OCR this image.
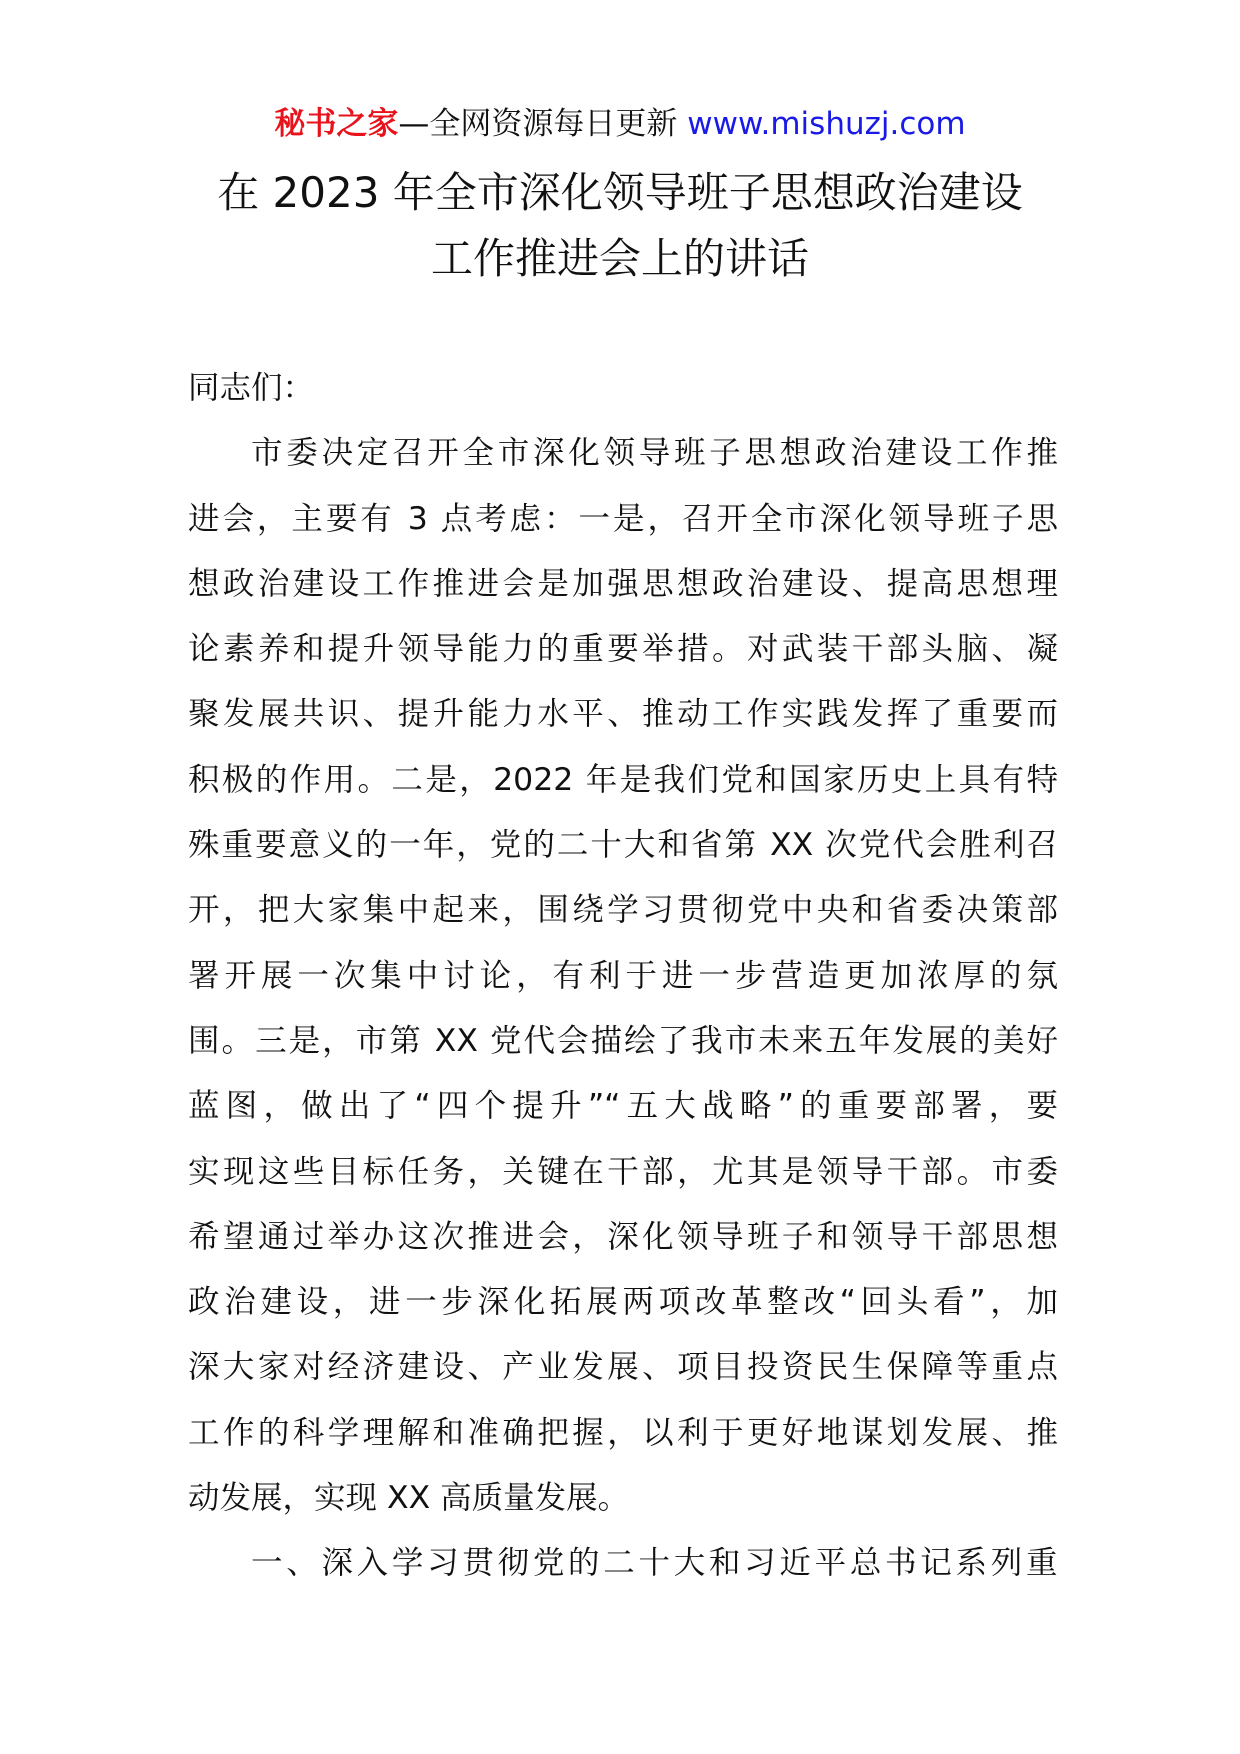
秘书之家—全网资源每日更新 www.mishuzj.com
在 2023 年全市深化领导班子思想政治建设
工作推进会上的讲话
同志们：
市委决定召开全市深化领导班子思想政治建设工作推
进会，主要有 3 点考虑：一是，召开全市深化领导班子思
想政治建设工作推进会是加强思想政治建设、提高思想理
论素养和提升领导能力的重要举措。对武装干部头脑、凝
聚发展共识、提升能力水平、推动工作实践发挥了重要而
积极的作用。二是，2022 年是我们党和国家历史上具有特
殊重要意义的一年，党的二十大和省第 XX 次党代会胜利召
开，把大家集中起来，围绕学习贯彻党中央和省委决策部
署开展一次集中讨论，有利于进一步营造更加浓厚的氛
围。三是，市第 XX 党代会描绘了我市未来五年发展的美好
蓝图，做出了“四个提升”“五大战略”的重要部署，要
实现这些目标任务，关键在干部，尤其是领导干部。市委
希望通过举办这次推进会，深化领导班子和领导干部思想
政治建设，进一步深化拓展两项改革整改“回头看”，加
深大家对经济建设、产业发展、项目投资民生保障等重点
工作的科学理解和准确把握，以利于更好地谋划发展、推
动发展，实现 XX 高质量发展。
一、深入学习贯彻党的二十大和习近平总书记系列重
